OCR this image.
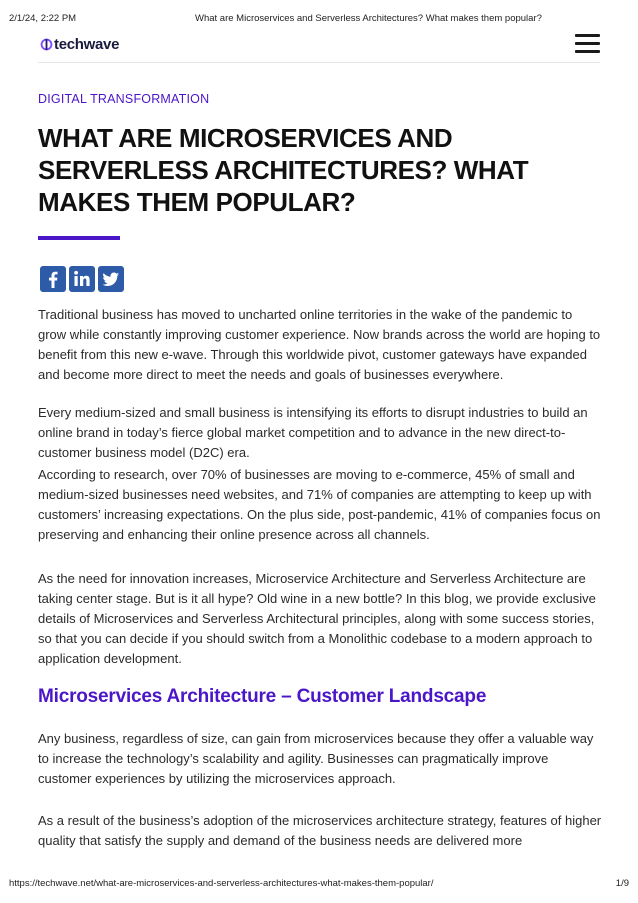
2/1/24, 2:22 PM	What are Microservices and Serverless Architectures? What makes them popular?
techwave
DIGITAL TRANSFORMATION
WHAT ARE MICROSERVICES AND SERVERLESS ARCHITECTURES? WHAT MAKES THEM POPULAR?

Traditional business has moved to uncharted online territories in the wake of the pandemic to grow while constantly improving customer experience. Now brands across the world are hoping to benefit from this new e-wave. Through this worldwide pivot, customer gateways have expanded and become more direct to meet the needs and goals of businesses everywhere.

Every medium-sized and small business is intensifying its efforts to disrupt industries to build an online brand in today’s fierce global market competition and to advance in the new direct-to-customer business model (D2C) era.

According to research, over 70% of businesses are moving to e-commerce, 45% of small and medium-sized businesses need websites, and 71% of companies are attempting to keep up with customers’ increasing expectations. On the plus side, post-pandemic, 41% of companies focus on preserving and enhancing their online presence across all channels.

As the need for innovation increases, Microservice Architecture and Serverless Architecture are taking center stage. But is it all hype? Old wine in a new bottle? In this blog, we provide exclusive details of Microservices and Serverless Architectural principles, along with some success stories, so that you can decide if you should switch from a Monolithic codebase to a modern approach to application development.

Microservices Architecture – Customer Landscape

Any business, regardless of size, can gain from microservices because they offer a valuable way to increase the technology’s scalability and agility. Businesses can pragmatically improve customer experiences by utilizing the microservices approach.

As a result of the business’s adoption of the microservices architecture strategy, features of higher quality that satisfy the supply and demand of the business needs are delivered more

https://techwave.net/what-are-microservices-and-serverless-architectures-what-makes-them-popular/	1/9
